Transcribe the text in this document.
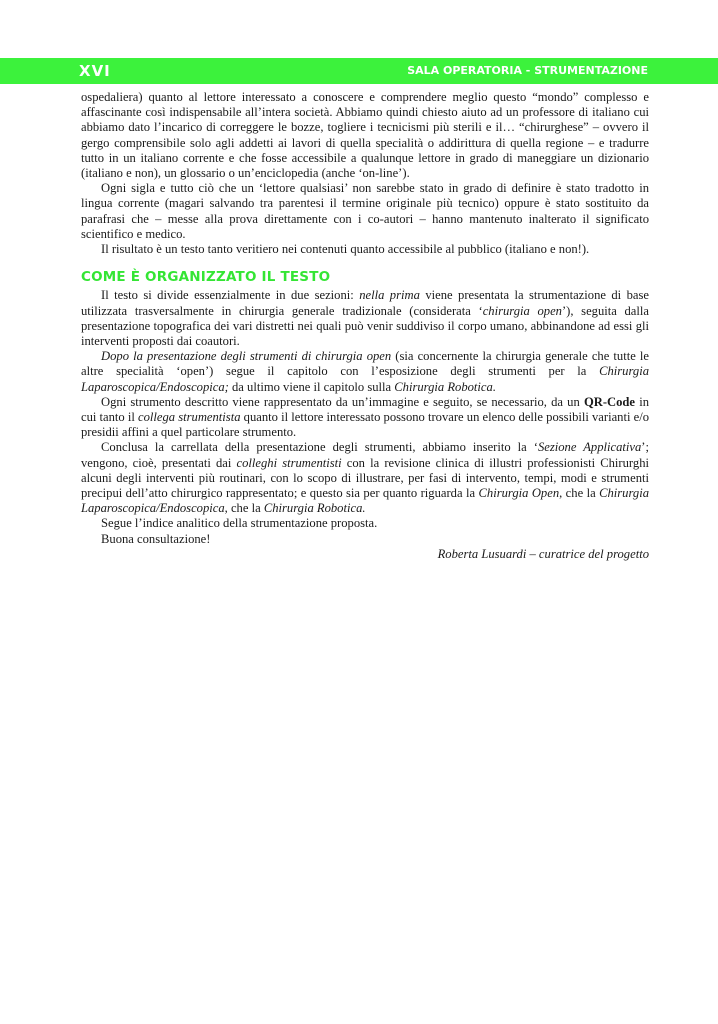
XVI	SALA OPERATORIA - STRUMENTAZIONE

ospedaliera) quanto al lettore interessato a conoscere e comprendere meglio questo “mondo” complesso e affascinante così indispensabile all’intera società. Abbiamo quindi chiesto aiuto ad un professore di italiano cui abbiamo dato l’incarico di correggere le bozze, togliere i tecnicismi più sterili e il… “chirurghese” – ovvero il gergo comprensibile solo agli addetti ai lavori di quella specialità o addirittura di quella regione – e tradurre tutto in un italiano corrente e che fosse accessibile a qualunque lettore in grado di maneggiare un dizionario (italiano e non), un glossario o un’enciclopedia (anche ‘on-line’).

Ogni sigla e tutto ciò che un ‘lettore qualsiasi’ non sarebbe stato in grado di definire è stato tradotto in lingua corrente (magari salvando tra parentesi il termine originale più tecnico) oppure è stato sostituito da parafrasi che – messe alla prova direttamente con i co-autori – hanno mantenuto inalterato il significato scientifico e medico.

Il risultato è un testo tanto veritiero nei contenuti quanto accessibile al pubblico (italiano e non!).

COME È ORGANIZZATO IL TESTO

Il testo si divide essenzialmente in due sezioni: nella prima viene presentata la strumentazione di base utilizzata trasversalmente in chirurgia generale tradizionale (considerata ‘chirurgia open’), seguita dalla presentazione topografica dei vari distretti nei quali può venir suddiviso il corpo umano, abbinandone ad essi gli interventi proposti dai coautori.

Dopo la presentazione degli strumenti di chirurgia open (sia concernente la chirurgia generale che tutte le altre specialità ‘open’) segue il capitolo con l’esposizione degli strumenti per la Chirurgia Laparoscopica/Endoscopica; da ultimo viene il capitolo sulla Chirurgia Robotica.

Ogni strumento descritto viene rappresentato da un’immagine e seguito, se necessario, da un QR-Code in cui tanto il collega strumentista quanto il lettore interessato possono trovare un elenco delle possibili varianti e/o presidii affini a quel particolare strumento.

Conclusa la carrellata della presentazione degli strumenti, abbiamo inserito la ‘Sezione Applicativa’; vengono, cioè, presentati dai colleghi strumentisti con la revisione clinica di illustri professionisti Chirurghi alcuni degli interventi più routinari, con lo scopo di illustrare, per fasi di intervento, tempi, modi e strumenti precipui dell’atto chirurgico rappresentato; e questo sia per quanto riguarda la Chirurgia Open, che la Chirurgia Laparoscopica/Endoscopica, che la Chirurgia Robotica.

Segue l’indice analitico della strumentazione proposta.

Buona consultazione!

Roberta Lusuardi – curatrice del progetto
